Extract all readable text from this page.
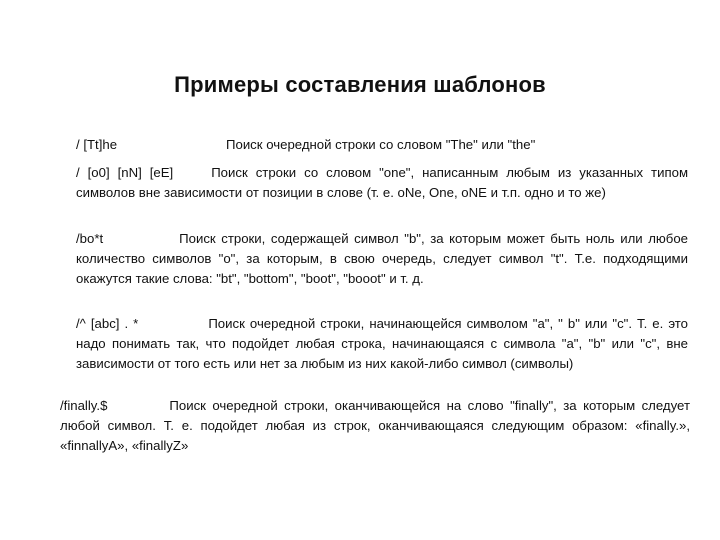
Примеры составления шаблонов
/ [Tt]he	Поиск очередной строки со словом "The" или "the"
/ [o0] [nN] [eE]	Поиск строки со словом "one", написанным любым из указанных типом символов вне зависимости от позиции в слове (т. е. oNe, One, oNE и т.п. одно и то же)
/bo*t	Поиск строки, содержащей символ "b", за которым может быть ноль или любое количество символов "o", за которым, в свою очередь, следует символ "t". Т.е. подходящими окажутся такие слова: "bt", "bottom", "boot", "booot" и т. д.
/^ [abc] . *	Поиск очередной строки, начинающейся символом "a", " b" или "c". Т. е. это надо понимать так, что подойдет любая строка, начинающаяся с символа "a", "b" или "c", вне зависимости от того есть или нет за любым из них какой-либо символ (символы)
/finally.$	Поиск очередной строки, оканчивающейся на слово "finally", за которым следует любой символ. Т. е. подойдет любая из строк, оканчивающаяся следующим образом: «finally.», «finnallyA», «finallyZ»
